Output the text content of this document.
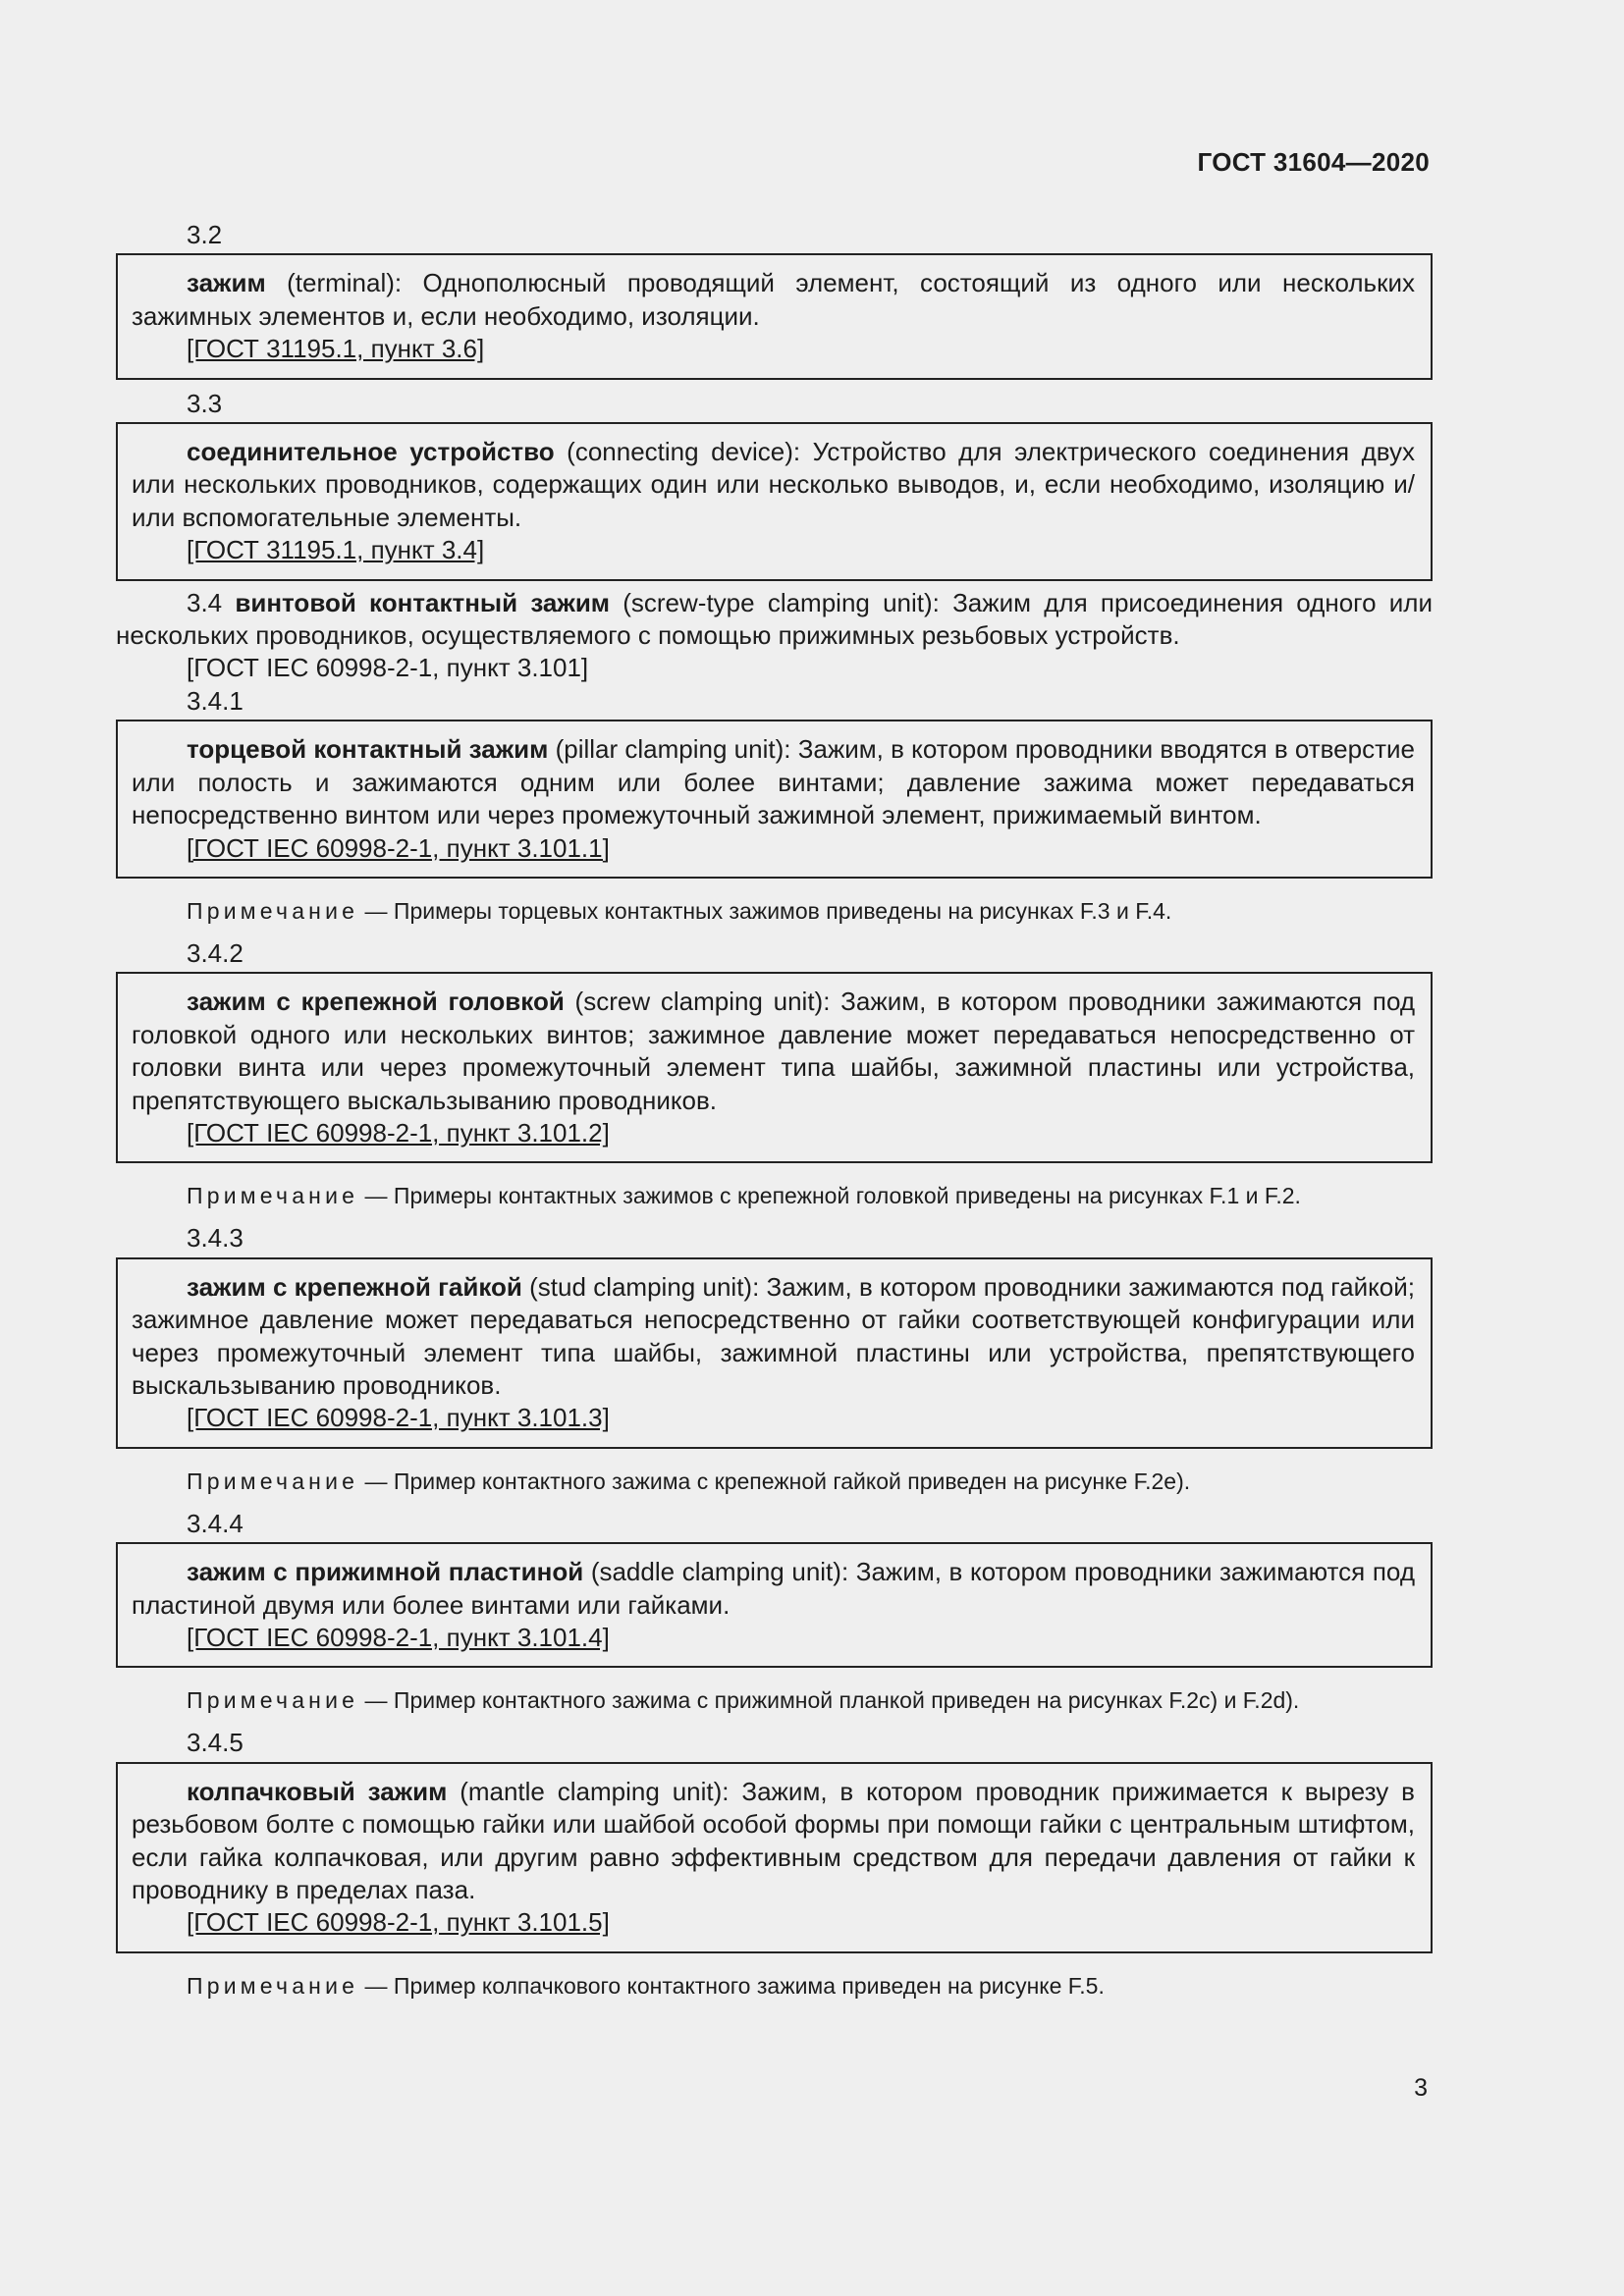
ГОСТ 31604—2020

3.2

зажим (terminal): Однополюсный проводящий элемент, состоящий из одного или нескольких зажимных элементов и, если необходимо, изоляции.

[ГОСТ 31195.1, пункт 3.6]

3.3

соединительное устройство (connecting device): Устройство для электрического соединения двух или нескольких проводников, содержащих один или несколько выводов, и, если необходимо, изоляцию и/или вспомогательные элементы.

[ГОСТ 31195.1, пункт 3.4]

3.4 винтовой контактный зажим (screw-type clamping unit): Зажим для присоединения одного или нескольких проводников, осуществляемого с помощью прижимных резьбовых устройств.

[ГОСТ IEC 60998-2-1, пункт 3.101]

3.4.1

торцевой контактный зажим (pillar clamping unit): Зажим, в котором проводники вводятся в отверстие или полость и зажимаются одним или более винтами; давление зажима может передаваться непосредственно винтом или через промежуточный зажимной элемент, прижимаемый винтом.

[ГОСТ IEC 60998-2-1, пункт 3.101.1]

Примечание — Примеры торцевых контактных зажимов приведены на рисунках F.3 и F.4.

3.4.2

зажим с крепежной головкой (screw clamping unit): Зажим, в котором проводники зажимаются под головкой одного или нескольких винтов; зажимное давление может передаваться непосредственно от головки винта или через промежуточный элемент типа шайбы, зажимной пластины или устройства, препятствующего выскальзыванию проводников.

[ГОСТ IEC 60998-2-1, пункт 3.101.2]

Примечание — Примеры контактных зажимов с крепежной головкой приведены на рисунках F.1 и F.2.

3.4.3

зажим с крепежной гайкой (stud clamping unit): Зажим, в котором проводники зажимаются под гайкой; зажимное давление может передаваться непосредственно от гайки соответствующей конфигурации или через промежуточный элемент типа шайбы, зажимной пластины или устройства, препятствующего выскальзыванию проводников.

[ГОСТ IEC 60998-2-1, пункт 3.101.3]

Примечание — Пример контактного зажима с крепежной гайкой приведен на рисунке F.2e).

3.4.4

зажим с прижимной пластиной (saddle clamping unit): Зажим, в котором проводники зажимаются под пластиной двумя или более винтами или гайками.

[ГОСТ IEC 60998-2-1, пункт 3.101.4]

Примечание — Пример контактного зажима с прижимной планкой приведен на рисунках F.2c) и F.2d).

3.4.5

колпачковый зажим (mantle clamping unit): Зажим, в котором проводник прижимается к вырезу в резьбовом болте с помощью гайки или шайбой особой формы при помощи гайки с центральным штифтом, если гайка колпачковая, или другим равно эффективным средством для передачи давления от гайки к проводнику в пределах паза.

[ГОСТ IEC 60998-2-1, пункт 3.101.5]

Примечание — Пример колпачкового контактного зажима приведен на рисунке F.5.

3
